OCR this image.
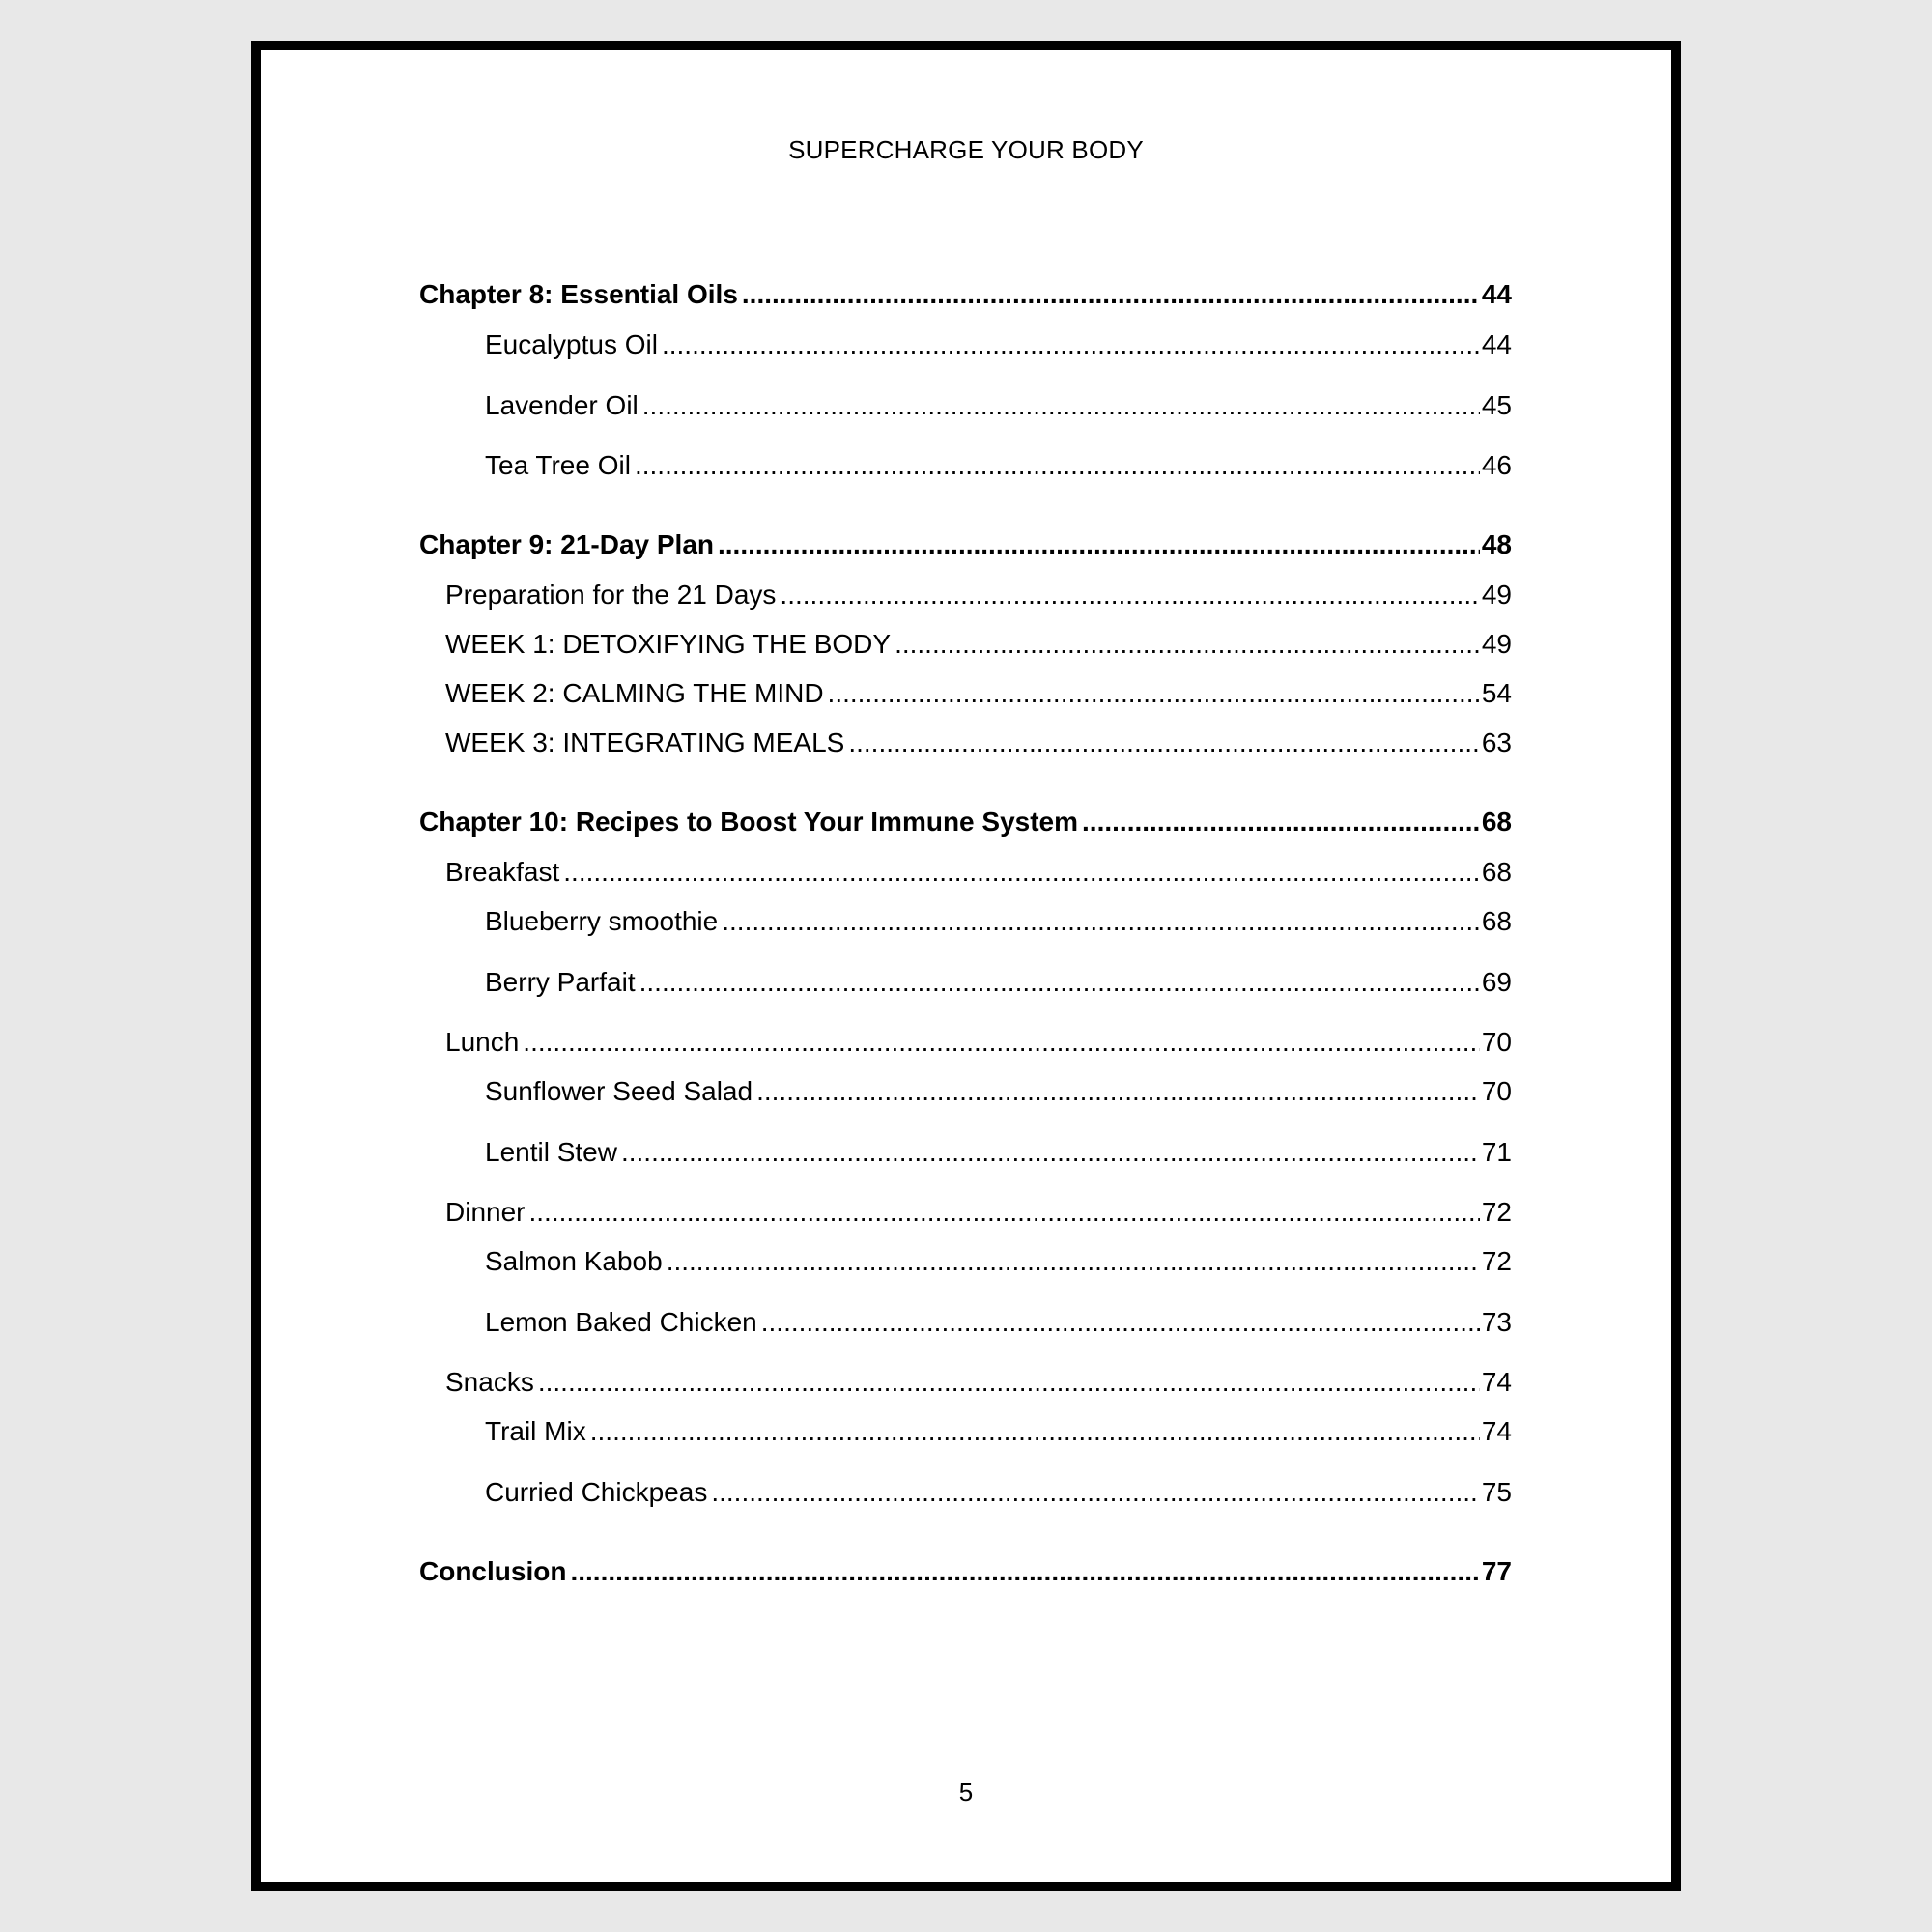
SUPERCHARGE YOUR BODY
Chapter 8: Essential Oils .....	44
Eucalyptus Oil .....	44
Lavender Oil .....	45
Tea Tree Oil .....	46
Chapter 9: 21-Day Plan .....	48
Preparation for the 21 Days .....	49
WEEK 1: DETOXIFYING THE BODY .....	49
WEEK 2: CALMING THE MIND .....	54
WEEK 3: INTEGRATING MEALS .....	63
Chapter 10: Recipes to Boost Your Immune System .....	68
Breakfast .....	68
Blueberry smoothie .....	68
Berry Parfait .....	69
Lunch .....	70
Sunflower Seed Salad .....	70
Lentil Stew .....	71
Dinner .....	72
Salmon Kabob .....	72
Lemon Baked Chicken .....	73
Snacks .....	74
Trail Mix .....	74
Curried Chickpeas .....	75
Conclusion .....	77
5
